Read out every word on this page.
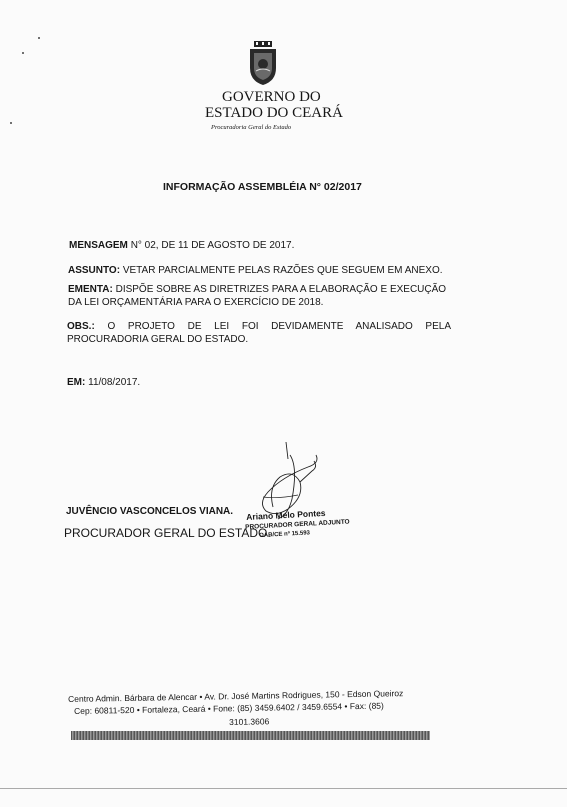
GOVERNO DO
ESTADO DO CEARÁ
Procuradoria Geral do Estado
INFORMAÇÃO ASSEMBLÉIA N° 02/2017
MENSAGEM N° 02, DE 11 DE AGOSTO DE 2017.
ASSUNTO: VETAR PARCIALMENTE PELAS RAZÕES QUE SEGUEM EM ANEXO.
EMENTA: DISPÕE SOBRE AS DIRETRIZES PARA A ELABORAÇÃO E EXECUÇÃO
DA LEI ORÇAMENTÁRIA PARA O EXERCÍCIO DE 2018.
OBS.: O PROJETO DE LEI FOI DEVIDAMENTE ANALISADO PELA
PROCURADORIA GERAL DO ESTADO.
EM: 11/08/2017.
JUVÊNCIO VASCONCELOS VIANA.
PROCURADOR GERAL DO ESTADO.
Ariano Melo Pontes
PROCURADOR GERAL ADJUNTO
OAB/CE nº 15.593
Centro Admin. Bárbara de Alencar • Av. Dr. José Martins Rodrigues, 150 - Edson Queiroz
Cep: 60811-520 • Fortaleza, Ceará • Fone: (85) 3459.6402 / 3459.6554 • Fax: (85)
3101.3606
